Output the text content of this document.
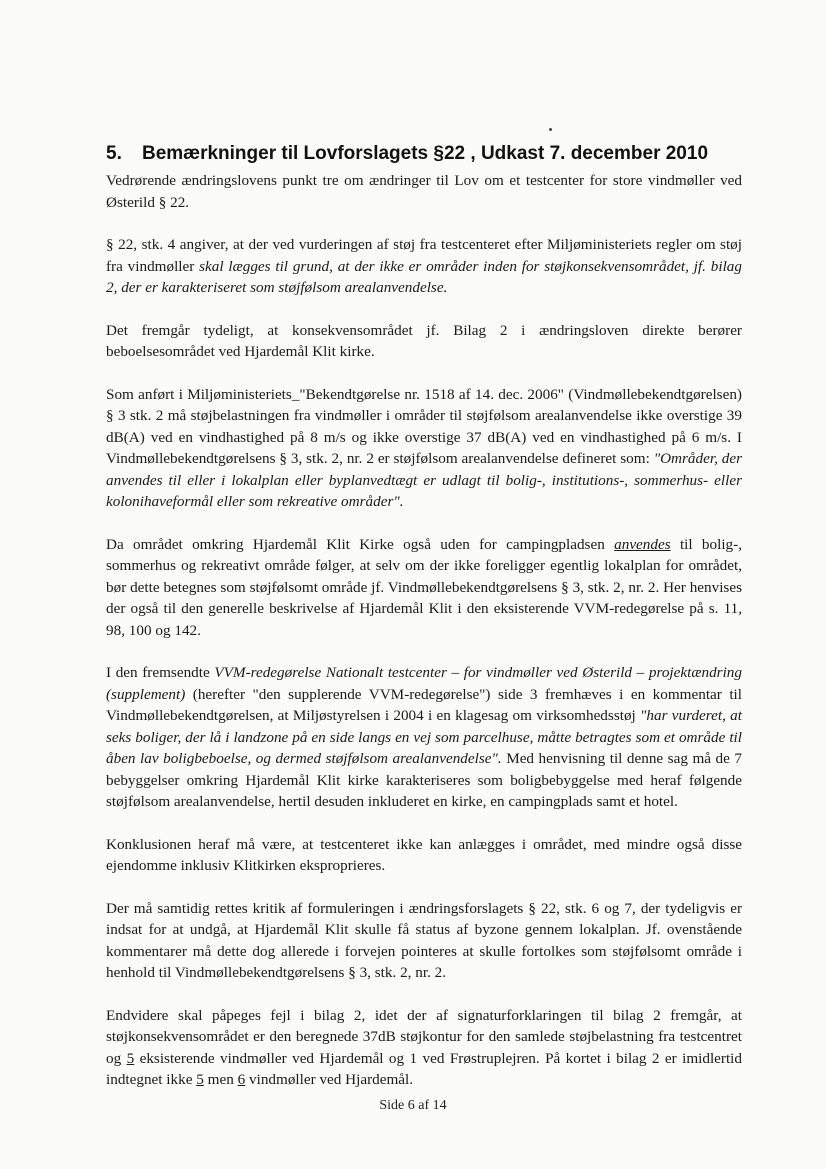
5. Bemærkninger til Lovforslagets §22 , Udkast 7. december 2010

Vedrørende ændringslovens punkt tre om ændringer til Lov om et testcenter for store vindmøller ved Østerild § 22.

§ 22, stk. 4 angiver, at der ved vurderingen af støj fra testcenteret efter Miljøministeriets regler om støj fra vindmøller skal lægges til grund, at der ikke er områder inden for støjkonsekvensområdet, jf. bilag 2, der er karakteriseret som støjfølsom arealanvendelse.

Det fremgår tydeligt, at konsekvensområdet jf. Bilag 2 i ændringsloven direkte berører beboelsesområdet ved Hjardemål Klit kirke.

Som anført i Miljøministeriets_"Bekendtgørelse nr. 1518 af 14. dec. 2006" (Vindmøllebekendtgørelsen) § 3 stk. 2 må støjbelastningen fra vindmøller i områder til støjfølsom arealanvendelse ikke overstige 39 dB(A) ved en vindhastighed på 8 m/s og ikke overstige 37 dB(A) ved en vindhastighed på 6 m/s. I Vindmøllebekendtgørelsens § 3, stk. 2, nr. 2 er støjfølsom arealanvendelse defineret som: "Områder, der anvendes til eller i lokalplan eller byplanvedtægt er udlagt til bolig-, institutions-, sommerhus- eller kolonihaveformål eller som rekreative områder".

Da området omkring Hjardemål Klit Kirke også uden for campingpladsen anvendes til bolig-, sommerhus og rekreativt område følger, at selv om der ikke foreligger egentlig lokalplan for området, bør dette betegnes som støjfølsomt område jf. Vindmøllebekendtgørelsens § 3, stk. 2, nr. 2. Her henvises der også til den generelle beskrivelse af Hjardemål Klit i den eksisterende VVM-redegørelse på s. 11, 98, 100 og 142.

I den fremsendte VVM-redegørelse Nationalt testcenter – for vindmøller ved Østerild – projektændring (supplement) (herefter "den supplerende VVM-redegørelse") side 3 fremhæves i en kommentar til Vindmøllebekendtgørelsen, at Miljøstyrelsen i 2004 i en klagesag om virksomhedsstøj "har vurderet, at seks boliger, der lå i landzone på en side langs en vej som parcelhuse, måtte betragtes som et område til åben lav boligbeboelse, og dermed støjfølsom arealanvendelse". Med henvisning til denne sag må de 7 bebyggelser omkring Hjardemål Klit kirke karakteriseres som boligbebyggelse med heraf følgende støjfølsom arealanvendelse, hertil desuden inkluderet en kirke, en campingplads samt et hotel.

Konklusionen heraf må være, at testcenteret ikke kan anlægges i området, med mindre også disse ejendomme inklusiv Klitkirken eksproprieres.

Der må samtidig rettes kritik af formuleringen i ændringsforslagets § 22, stk. 6 og 7, der tydeligvis er indsat for at undgå, at Hjardemål Klit skulle få status af byzone gennem lokalplan. Jf. ovenstående kommentarer må dette dog allerede i forvejen pointeres at skulle fortolkes som støjfølsomt område i henhold til Vindmøllebekendtgørelsens § 3, stk. 2, nr. 2.

Endvidere skal påpeges fejl i bilag 2, idet der af signaturforklaringen til bilag 2 fremgår, at støjkonsekvensområdet er den beregnede 37dB støjkontur for den samlede støjbelastning fra testcentret og 5 eksisterende vindmøller ved Hjardemål og 1 ved Frøstruplejren. På kortet i bilag 2 er imidlertid indtegnet ikke 5 men 6 vindmøller ved Hjardemål.

Side 6 af 14
